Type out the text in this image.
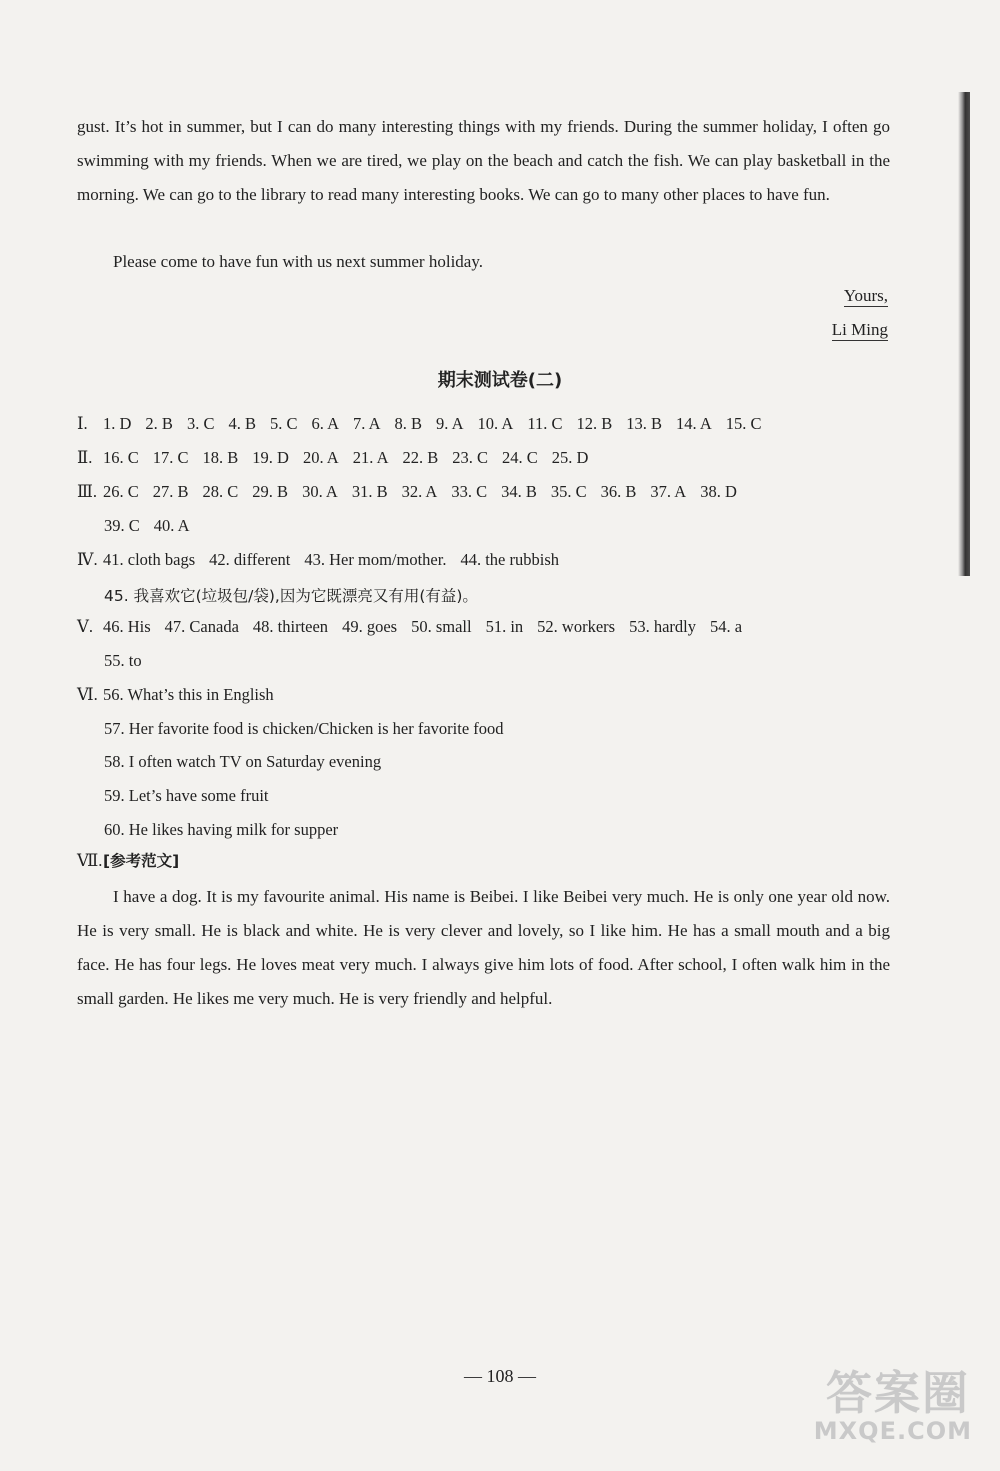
gust. It’s hot in summer, but I can do many interesting things with my friends. During the summer holiday, I often go swimming with my friends. When we are tired, we play on the beach and catch the fish. We can play basketball in the morning. We can go to the library to read many interesting books. We can go to many other places to have fun.
Please come to have fun with us next summer holiday.
Yours,
Li Ming
期末测试卷(二)
Ⅰ. 1. D 2. B 3. C 4. B 5. C 6. A 7. A 8. B 9. A 10. A 11. C 12. B 13. B 14. A 15. C
Ⅱ. 16. C 17. C 18. B 19. D 20. A 21. A 22. B 23. C 24. C 25. D
Ⅲ. 26. C 27. B 28. C 29. B 30. A 31. B 32. A 33. C 34. B 35. C 36. B 37. A 38. D
39. C 40. A
Ⅳ. 41. cloth bags 42. different 43. Her mom/mother. 44. the rubbish
45. 我喜欢它(垃圾包/袋),因为它既漂亮又有用(有益)。
Ⅴ. 46. His 47. Canada 48. thirteen 49. goes 50. small 51. in 52. workers 53. hardly 54. a
55. to
Ⅵ. 56. What’s this in English
57. Her favorite food is chicken/Chicken is her favorite food
58. I often watch TV on Saturday evening
59. Let’s have some fruit
60. He likes having milk for supper
Ⅶ.[参考范文]
I have a dog. It is my favourite animal. His name is Beibei. I like Beibei very much. He is only one year old now. He is very small. He is black and white. He is very clever and lovely, so I like him. He has a small mouth and a big face. He has four legs. He loves meat very much. I always give him lots of food. After school, I often walk him in the small garden. He likes me very much. He is very friendly and helpful.
— 108 —	答案圈
MXQE.COM
